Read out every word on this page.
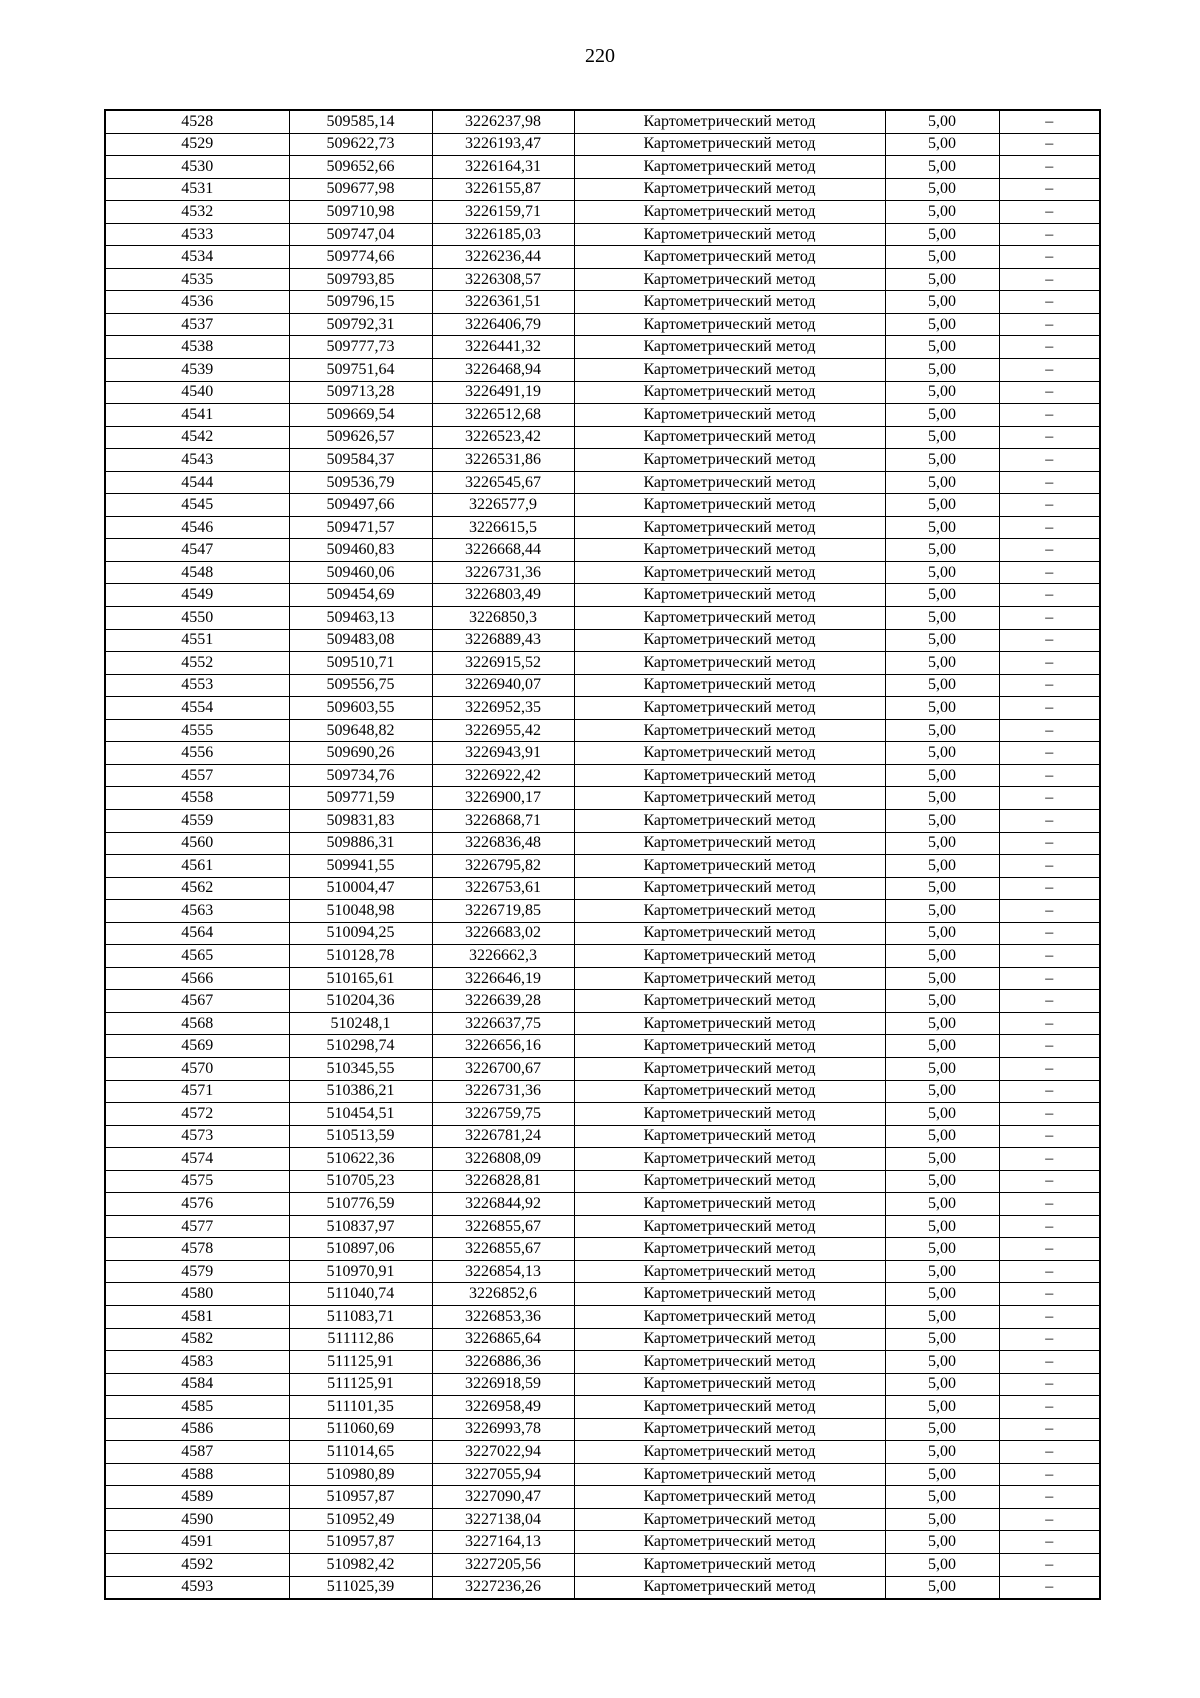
220
4528	509585,14	3226237,98	Картометрический метод	5,00	–
4529	509622,73	3226193,47	Картометрический метод	5,00	–
4530	509652,66	3226164,31	Картометрический метод	5,00	–
4531	509677,98	3226155,87	Картометрический метод	5,00	–
4532	509710,98	3226159,71	Картометрический метод	5,00	–
4533	509747,04	3226185,03	Картометрический метод	5,00	–
4534	509774,66	3226236,44	Картометрический метод	5,00	–
4535	509793,85	3226308,57	Картометрический метод	5,00	–
4536	509796,15	3226361,51	Картометрический метод	5,00	–
4537	509792,31	3226406,79	Картометрический метод	5,00	–
4538	509777,73	3226441,32	Картометрический метод	5,00	–
4539	509751,64	3226468,94	Картометрический метод	5,00	–
4540	509713,28	3226491,19	Картометрический метод	5,00	–
4541	509669,54	3226512,68	Картометрический метод	5,00	–
4542	509626,57	3226523,42	Картометрический метод	5,00	–
4543	509584,37	3226531,86	Картометрический метод	5,00	–
4544	509536,79	3226545,67	Картометрический метод	5,00	–
4545	509497,66	3226577,9	Картометрический метод	5,00	–
4546	509471,57	3226615,5	Картометрический метод	5,00	–
4547	509460,83	3226668,44	Картометрический метод	5,00	–
4548	509460,06	3226731,36	Картометрический метод	5,00	–
4549	509454,69	3226803,49	Картометрический метод	5,00	–
4550	509463,13	3226850,3	Картометрический метод	5,00	–
4551	509483,08	3226889,43	Картометрический метод	5,00	–
4552	509510,71	3226915,52	Картометрический метод	5,00	–
4553	509556,75	3226940,07	Картометрический метод	5,00	–
4554	509603,55	3226952,35	Картометрический метод	5,00	–
4555	509648,82	3226955,42	Картометрический метод	5,00	–
4556	509690,26	3226943,91	Картометрический метод	5,00	–
4557	509734,76	3226922,42	Картометрический метод	5,00	–
4558	509771,59	3226900,17	Картометрический метод	5,00	–
4559	509831,83	3226868,71	Картометрический метод	5,00	–
4560	509886,31	3226836,48	Картометрический метод	5,00	–
4561	509941,55	3226795,82	Картометрический метод	5,00	–
4562	510004,47	3226753,61	Картометрический метод	5,00	–
4563	510048,98	3226719,85	Картометрический метод	5,00	–
4564	510094,25	3226683,02	Картометрический метод	5,00	–
4565	510128,78	3226662,3	Картометрический метод	5,00	–
4566	510165,61	3226646,19	Картометрический метод	5,00	–
4567	510204,36	3226639,28	Картометрический метод	5,00	–
4568	510248,1	3226637,75	Картометрический метод	5,00	–
4569	510298,74	3226656,16	Картометрический метод	5,00	–
4570	510345,55	3226700,67	Картометрический метод	5,00	–
4571	510386,21	3226731,36	Картометрический метод	5,00	–
4572	510454,51	3226759,75	Картометрический метод	5,00	–
4573	510513,59	3226781,24	Картометрический метод	5,00	–
4574	510622,36	3226808,09	Картометрический метод	5,00	–
4575	510705,23	3226828,81	Картометрический метод	5,00	–
4576	510776,59	3226844,92	Картометрический метод	5,00	–
4577	510837,97	3226855,67	Картометрический метод	5,00	–
4578	510897,06	3226855,67	Картометрический метод	5,00	–
4579	510970,91	3226854,13	Картометрический метод	5,00	–
4580	511040,74	3226852,6	Картометрический метод	5,00	–
4581	511083,71	3226853,36	Картометрический метод	5,00	–
4582	511112,86	3226865,64	Картометрический метод	5,00	–
4583	511125,91	3226886,36	Картометрический метод	5,00	–
4584	511125,91	3226918,59	Картометрический метод	5,00	–
4585	511101,35	3226958,49	Картометрический метод	5,00	–
4586	511060,69	3226993,78	Картометрический метод	5,00	–
4587	511014,65	3227022,94	Картометрический метод	5,00	–
4588	510980,89	3227055,94	Картометрический метод	5,00	–
4589	510957,87	3227090,47	Картометрический метод	5,00	–
4590	510952,49	3227138,04	Картометрический метод	5,00	–
4591	510957,87	3227164,13	Картометрический метод	5,00	–
4592	510982,42	3227205,56	Картометрический метод	5,00	–
4593	511025,39	3227236,26	Картометрический метод	5,00	–
